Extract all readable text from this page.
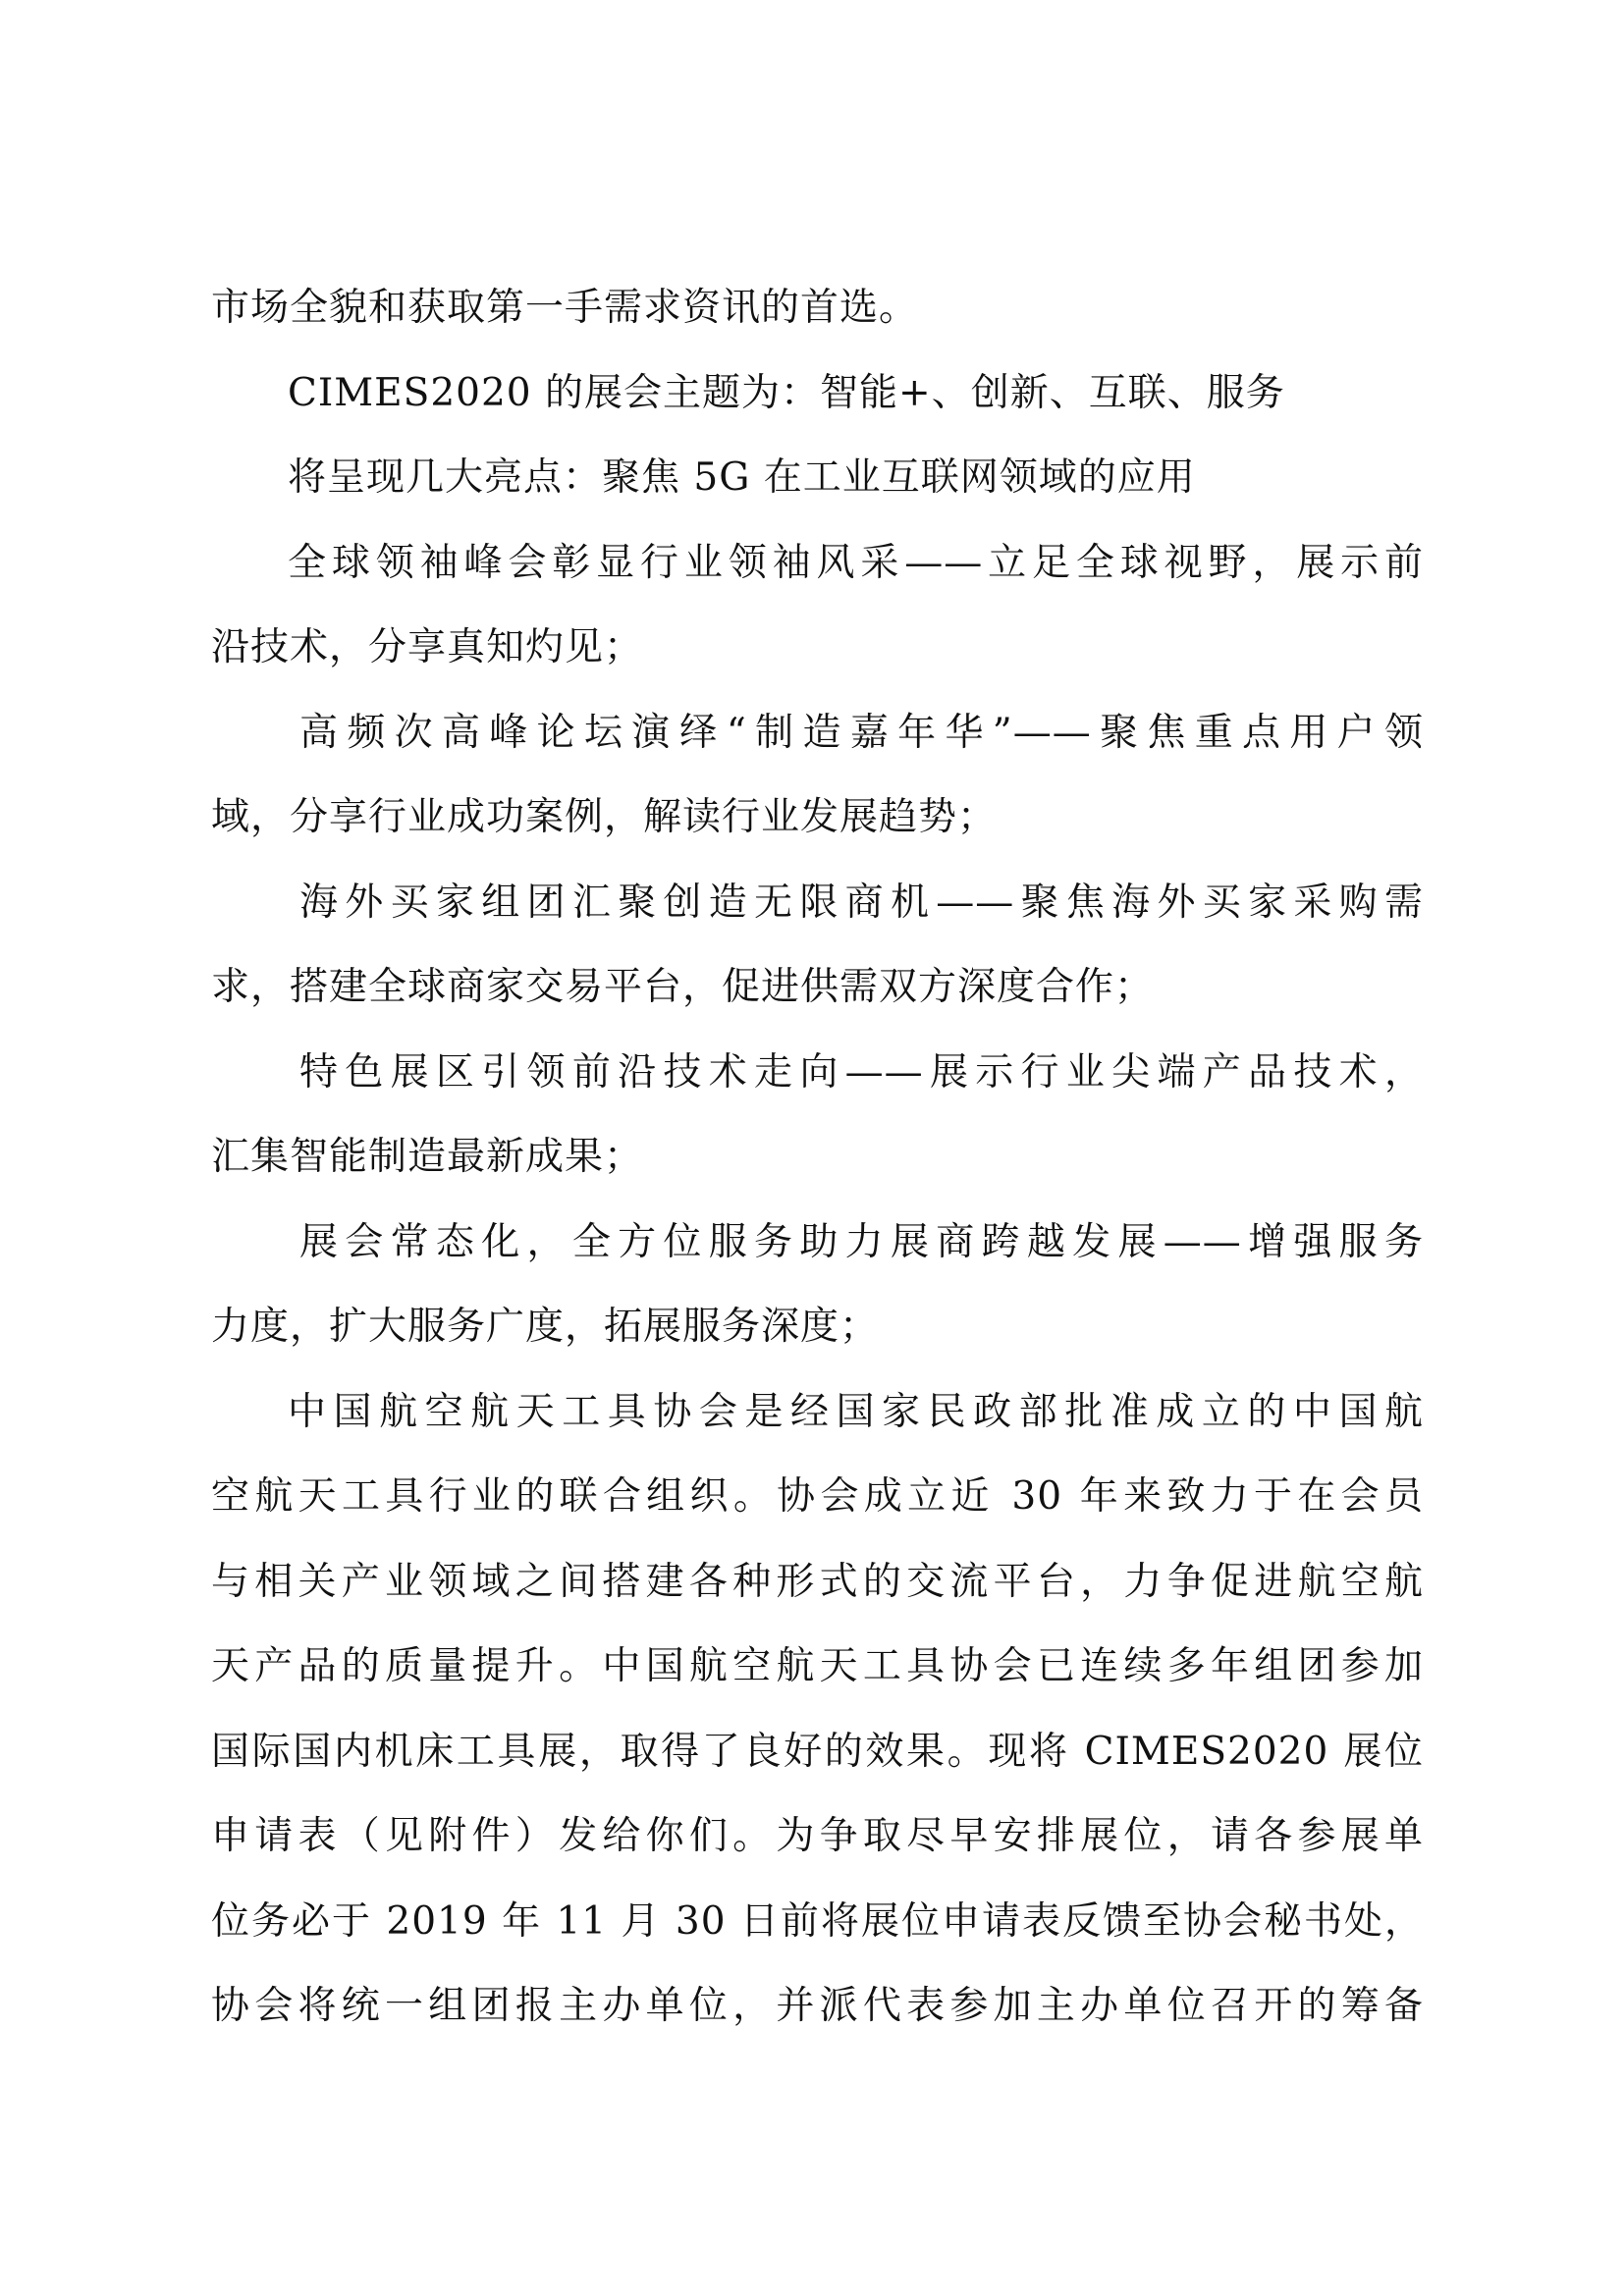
市场全貌和获取第一手需求资讯的首选。
CIMES2020 的展会主题为：智能+、创新、互联、服务
将呈现几大亮点：聚焦 5G 在工业互联网领域的应用
全球领袖峰会彰显行业领袖风采——立足全球视野，展示前
沿技术，分享真知灼见；
高频次高峰论坛演绎“制造嘉年华”——聚焦重点用户领
域，分享行业成功案例，解读行业发展趋势；
海外买家组团汇聚创造无限商机——聚焦海外买家采购需
求，搭建全球商家交易平台，促进供需双方深度合作；
特色展区引领前沿技术走向——展示行业尖端产品技术，
汇集智能制造最新成果；
展会常态化，全方位服务助力展商跨越发展——增强服务
力度，扩大服务广度，拓展服务深度；
中国航空航天工具协会是经国家民政部批准成立的中国航
空航天工具行业的联合组织。协会成立近 30 年来致力于在会员
与相关产业领域之间搭建各种形式的交流平台，力争促进航空航
天产品的质量提升。中国航空航天工具协会已连续多年组团参加
国际国内机床工具展，取得了良好的效果。现将 CIMES2020 展位
申请表（见附件）发给你们。为争取尽早安排展位，请各参展单
位务必于 2019 年 11 月 30 日前将展位申请表反馈至协会秘书处，
协会将统一组团报主办单位，并派代表参加主办单位召开的筹备
